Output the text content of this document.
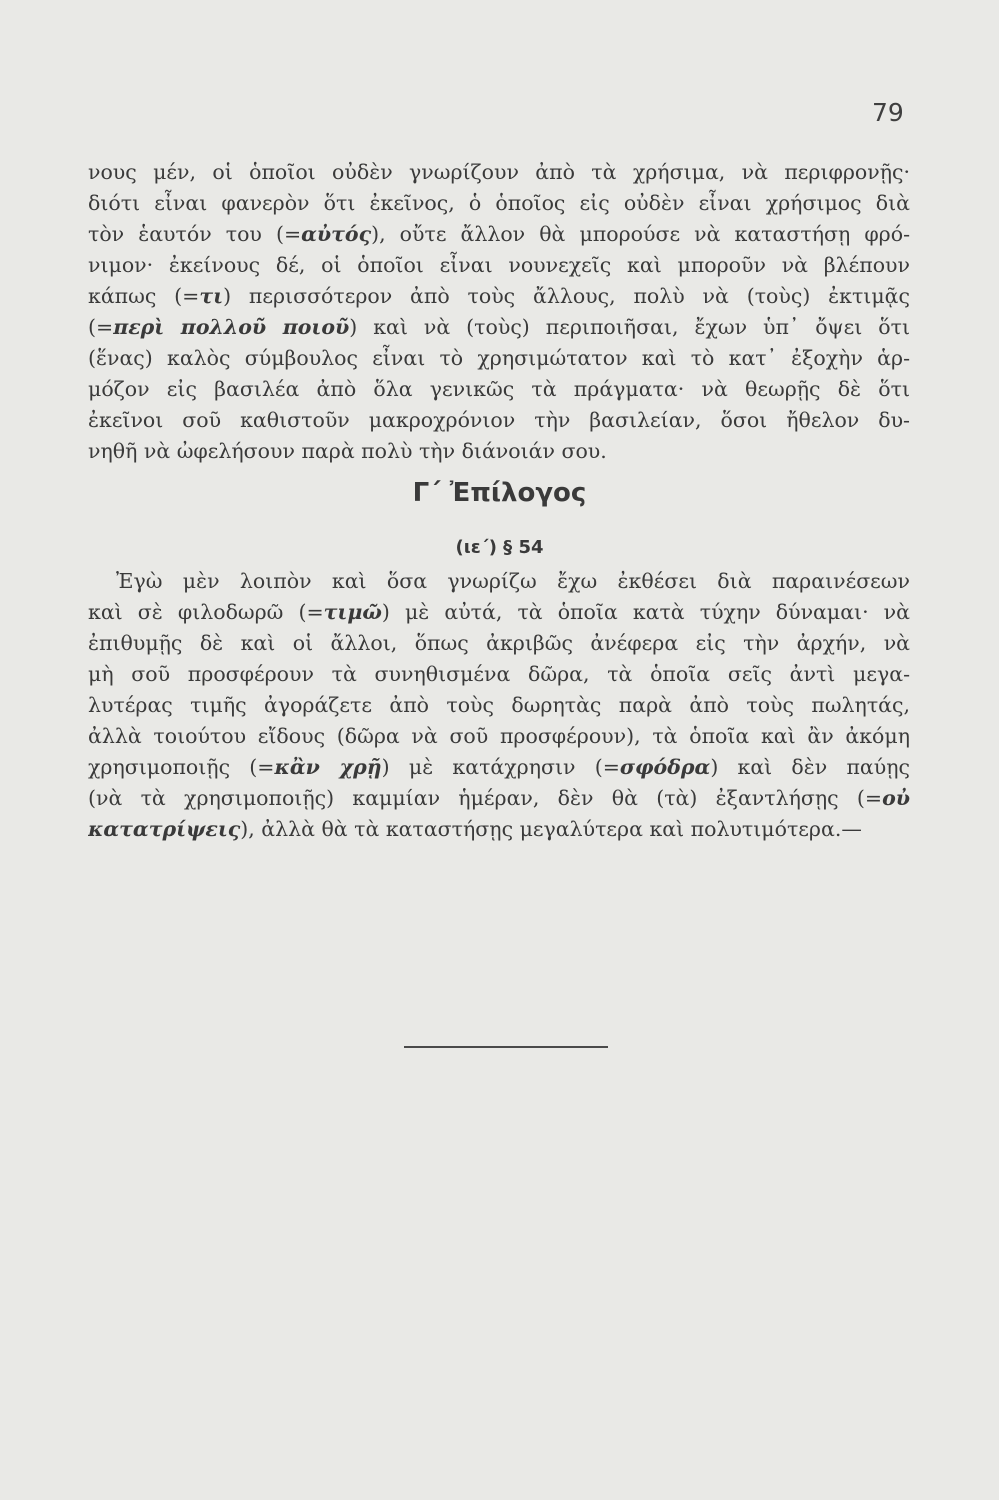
79
νους μέν, οἱ ὁποῖοι οὐδὲν γνωρίζουν ἀπὸ τὰ χρήσιμα, νὰ περιφρονῇς·
διότι εἶναι φανερὸν ὅτι ἐκεῖνος, ὁ ὁποῖος εἰς οὐδὲν εἶναι χρήσιμος διὰ
τὸν ἑαυτόν του (=αὐτός), οὔτε ἄλλον θὰ μπορούσε νὰ καταστήσῃ φρό-
νιμον· ἐκείνους δέ, οἱ ὁποῖοι εἶναι νουνεχεῖς καὶ μποροῦν νὰ βλέπουν
κάπως (=τι) περισσότερον ἀπὸ τοὺς ἄλλους, πολὺ νὰ (τοὺς) ἐκτιμᾷς
(=περὶ πολλοῦ ποιοῦ) καὶ νὰ (τοὺς) περιποιῆσαι, ἔχων ὑπ᾿ ὄψει ὅτι
(ἕνας) καλὸς σύμβουλος εἶναι τὸ χρησιμώτατον καὶ τὸ κατ᾿ ἐξοχὴν ἁρ-
μόζον εἰς βασιλέα ἀπὸ ὅλα γενικῶς τὰ πράγματα· νὰ θεωρῇς δὲ ὅτι
ἐκεῖνοι σοῦ καθιστοῦν μακροχρόνιον τὴν βασιλείαν, ὅσοι ἤθελον δυ-
νηθῆ νὰ ὠφελήσουν παρὰ πολὺ τὴν διάνοιάν σου.
Γ΄ Ἐπίλογος
(ιε΄) § 54
Ἐγὼ μὲν λοιπὸν καὶ ὅσα γνωρίζω ἔχω ἐκθέσει διὰ παραινέσεων
καὶ σὲ φιλοδωρῶ (=τιμῶ) μὲ αὐτά, τὰ ὁποῖα κατὰ τύχην δύναμαι· νὰ
ἐπιθυμῇς δὲ καὶ οἱ ἄλλοι, ὅπως ἀκριβῶς ἀνέφερα εἰς τὴν ἀρχήν, νὰ
μὴ σοῦ προσφέρουν τὰ συνηθισμένα δῶρα, τὰ ὁποῖα σεῖς ἀντὶ μεγα-
λυτέρας τιμῆς ἀγοράζετε ἀπὸ τοὺς δωρητὰς παρὰ ἀπὸ τοὺς πωλητάς,
ἀλλὰ τοιούτου εἴδους (δῶρα νὰ σοῦ προσφέρουν), τὰ ὁποῖα καὶ ἂν ἀκόμη
χρησιμοποιῇς (=κἂν χρῇ) μὲ κατάχρησιν (=σφόδρα) καὶ δὲν παύῃς
(νὰ τὰ χρησιμοποιῇς) καμμίαν ἡμέραν, δὲν θὰ (τὰ) ἐξαντλήσῃς (=οὐ
κατατρίψεις), ἀλλὰ θὰ τὰ καταστήσῃς μεγαλύτερα καὶ πολυτιμότερα.—
